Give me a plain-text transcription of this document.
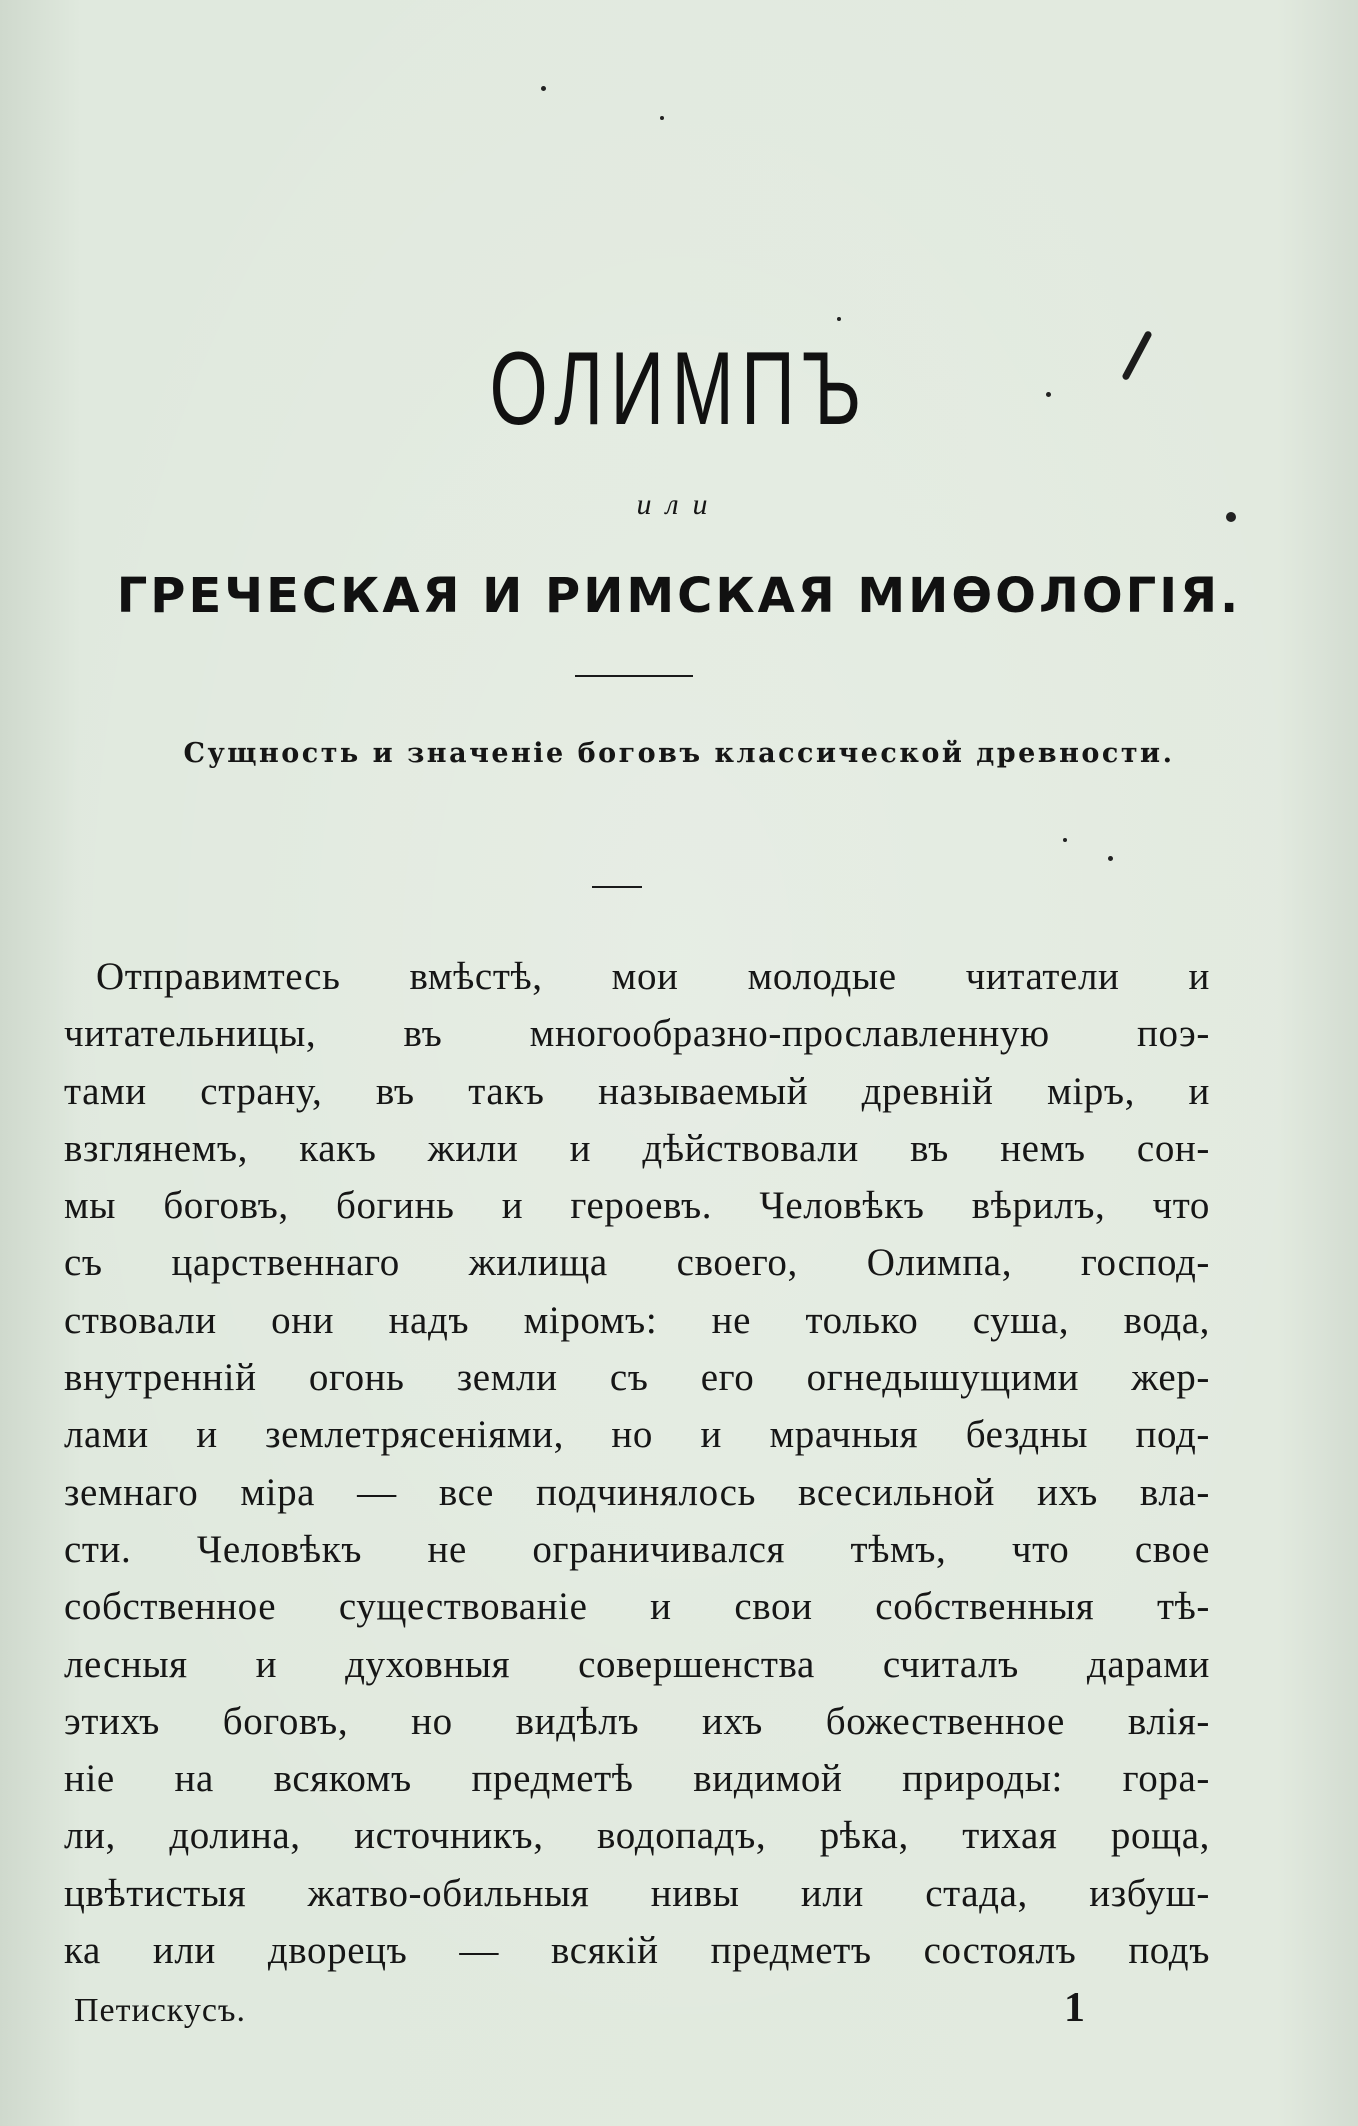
ОЛИМПЪ
или
ГРЕЧЕСКАЯ И РИМСКАЯ МИѲОЛОГІЯ.
Сущность и значеніе боговъ классической древности.
Отправимтесь вмѣстѣ, мои молодые читатели и
читательницы, въ многообразно-прославленную поэ-
тами страну, въ такъ называемый древній міръ, и
взглянемъ, какъ жили и дѣйствовали въ немъ сон-
мы боговъ, богинь и героевъ. Человѣкъ вѣрилъ, что
съ царственнаго жилища своего, Олимпа, господ-
ствовали они надъ міромъ: не только суша, вода,
внутренній огонь земли съ его огнедышущими жер-
лами и землетрясеніями, но и мрачныя бездны под-
земнаго міра — все подчинялось всесильной ихъ вла-
сти. Человѣкъ не ограничивался тѣмъ, что свое
собственное существованіе и свои собственныя тѣ-
лесныя и духовныя совершенства считалъ дарами
этихъ боговъ, но видѣлъ ихъ божественное влія-
ніе на всякомъ предметѣ видимой природы: гора-
ли, долина, источникъ, водопадъ, рѣка, тихая роща,
цвѣтистыя жатво-обильныя нивы или стада, избуш-
ка или дворецъ — всякій предметъ состоялъ подъ
Петискусъ.	1
